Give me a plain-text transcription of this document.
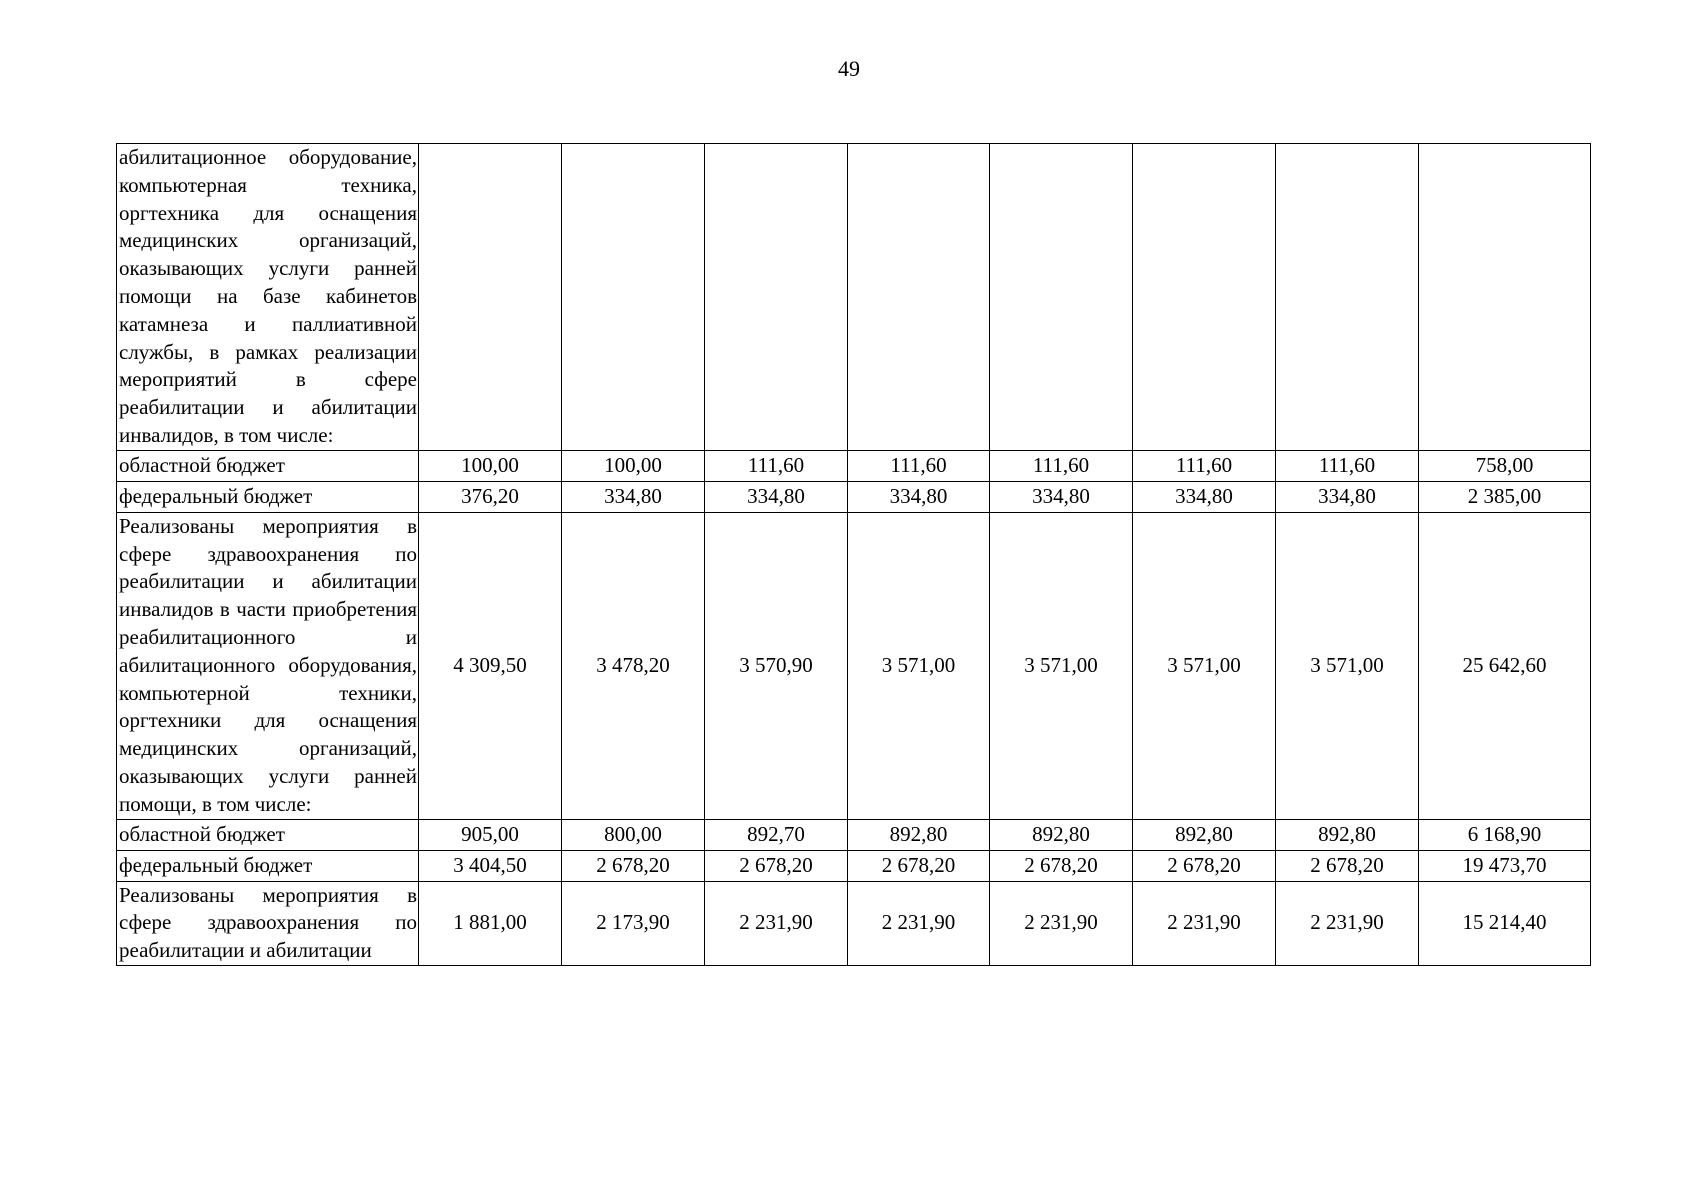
49
абилитационное оборудование, компьютерная техника, оргтехника для оснащения медицинских организаций, оказывающих услуги ранней помощи на базе кабинетов катамнеза и паллиативной службы, в рамках реализации мероприятий в сфере реабилитации и абилитации инвалидов, в том числе:								
областной бюджет	100,00	100,00	111,60	111,60	111,60	111,60	111,60	758,00
федеральный бюджет	376,20	334,80	334,80	334,80	334,80	334,80	334,80	2 385,00
Реализованы мероприятия в сфере здравоохранения по реабилитации и абилитации инвалидов в части приобретения реабилитационного и абилитационного оборудования, компьютерной техники, оргтехники для оснащения медицинских организаций, оказывающих услуги ранней помощи, в том числе:	4 309,50	3 478,20	3 570,90	3 571,00	3 571,00	3 571,00	3 571,00	25 642,60
областной бюджет	905,00	800,00	892,70	892,80	892,80	892,80	892,80	6 168,90
федеральный бюджет	3 404,50	2 678,20	2 678,20	2 678,20	2 678,20	2 678,20	2 678,20	19 473,70
Реализованы мероприятия в сфере здравоохранения по реабилитации и абилитации	1 881,00	2 173,90	2 231,90	2 231,90	2 231,90	2 231,90	2 231,90	15 214,40
